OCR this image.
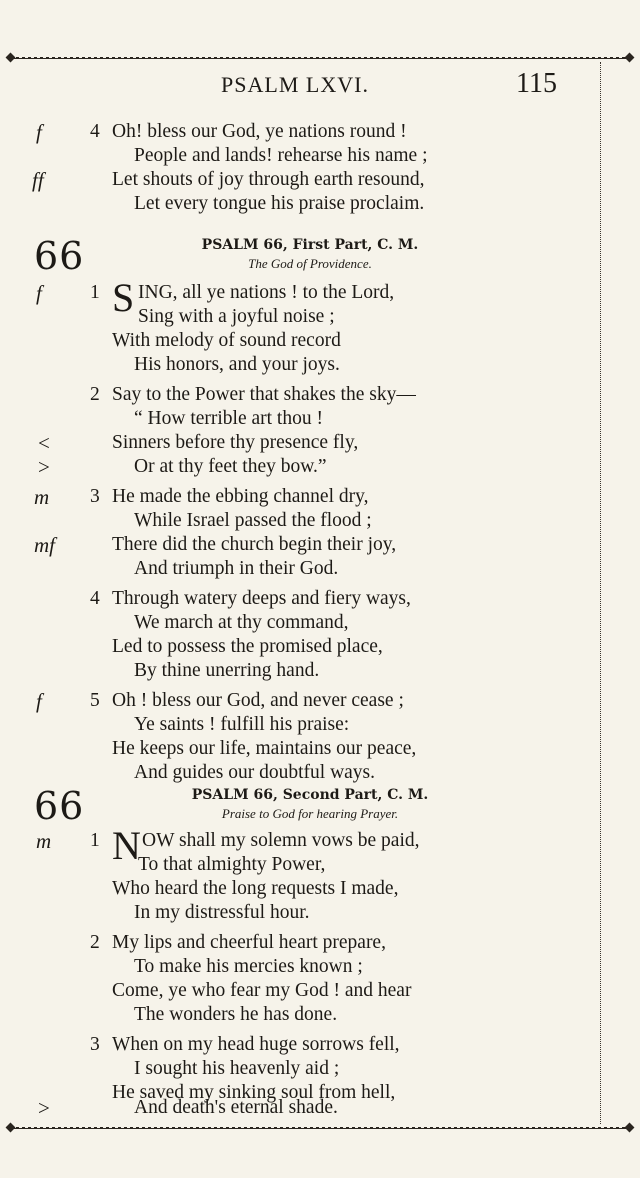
PSALM LXVI.	115
f 4 Oh! bless our God, ye nations round !
People and lands! rehearse his name ;
ff	Let shouts of joy through earth resound,
Let every tongue his praise proclaim.
66	PSALM 66, First Part, C. M.
The God of Providence.
f 1 S ING, all ye nations ! to the Lord,
Sing with a joyful noise ;
With melody of sound record
His honors, and your joys.
2 Say to the Power that shakes the sky—
“ How terrible art thou !
<	Sinners before thy presence fly,
>	Or at thy feet they bow.”
m 3 He made the ebbing channel dry,
While Israel passed the flood ;
mf	There did the church begin their joy,
And triumph in their God.
4 Through watery deeps and fiery ways,
We march at thy command,
Led to possess the promised place,
By thine unerring hand.
f 5 Oh ! bless our God, and never cease ;
Ye saints ! fulfill his praise:
He keeps our life, maintains our peace,
And guides our doubtful ways.
66	PSALM 66, Second Part, C. M.
Praise to God for hearing Prayer.
m 1 N OW shall my solemn vows be paid,
To that almighty Power,
Who heard the long requests I made,
In my distressful hour.
2 My lips and cheerful heart prepare,
To make his mercies known ;
Come, ye who fear my God ! and hear
The wonders he has done.
3 When on my head huge sorrows fell,
I sought his heavenly aid ;
He saved my sinking soul from hell,
>	And death's eternal shade.
